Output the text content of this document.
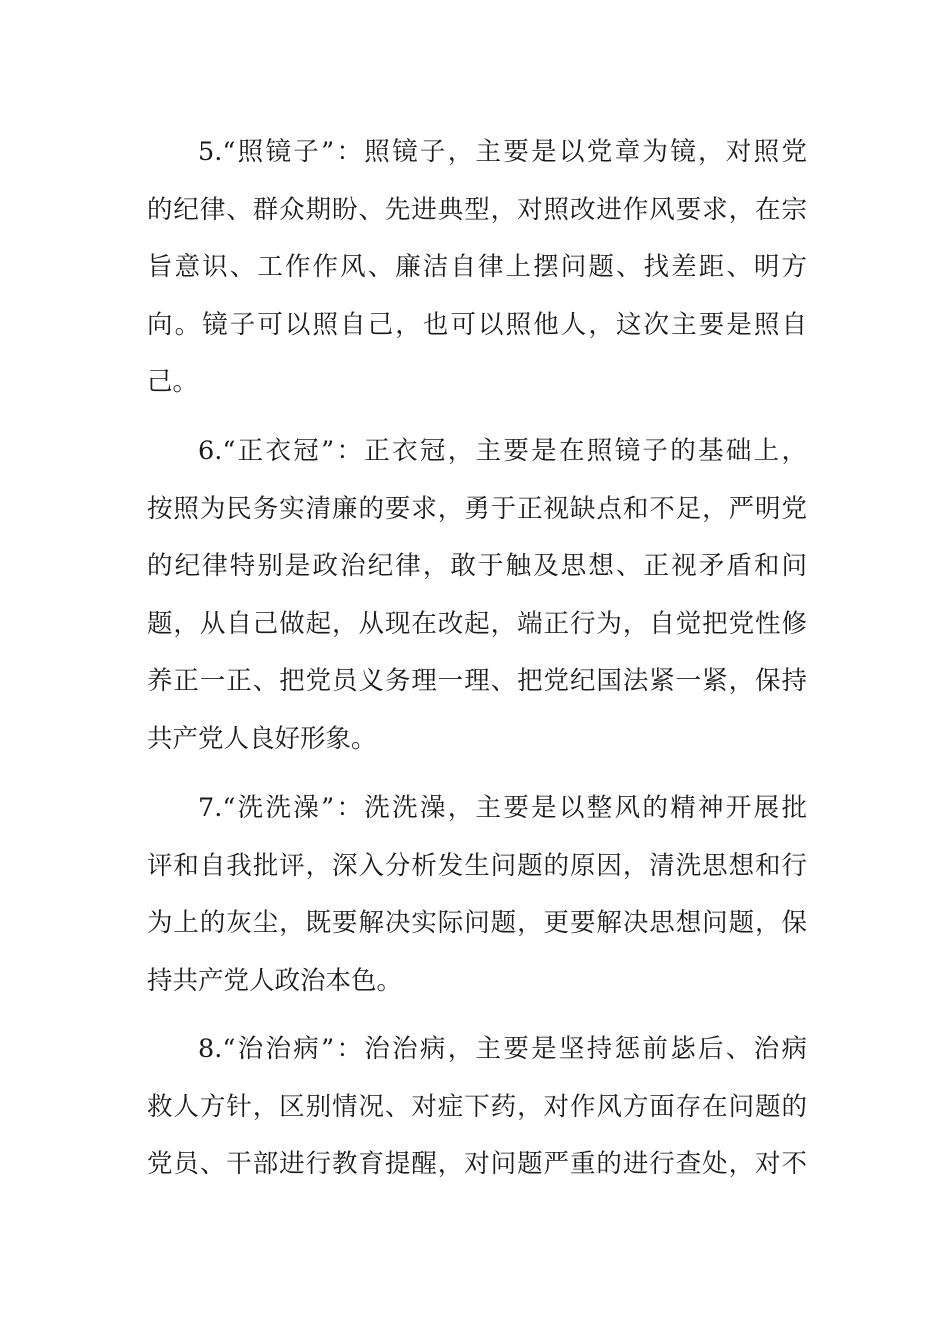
5.“照镜子”：照镜子，主要是以党章为镜，对照党
的纪律、群众期盼、先进典型，对照改进作风要求，在宗
旨意识、工作作风、廉洁自律上摆问题、找差距、明方
向。镜子可以照自己，也可以照他人，这次主要是照自
己。
6.“正衣冠”：正衣冠，主要是在照镜子的基础上，
按照为民务实清廉的要求，勇于正视缺点和不足，严明党
的纪律特别是政治纪律，敢于触及思想、正视矛盾和问
题，从自己做起，从现在改起，端正行为，自觉把党性修
养正一正、把党员义务理一理、把党纪国法紧一紧，保持
共产党人良好形象。
7.“洗洗澡”：洗洗澡，主要是以整风的精神开展批
评和自我批评，深入分析发生问题的原因，清洗思想和行
为上的灰尘，既要解决实际问题，更要解决思想问题，保
持共产党人政治本色。
8.“治治病”：治治病，主要是坚持惩前毖后、治病
救人方针，区别情况、对症下药，对作风方面存在问题的
党员、干部进行教育提醒，对问题严重的进行查处，对不
